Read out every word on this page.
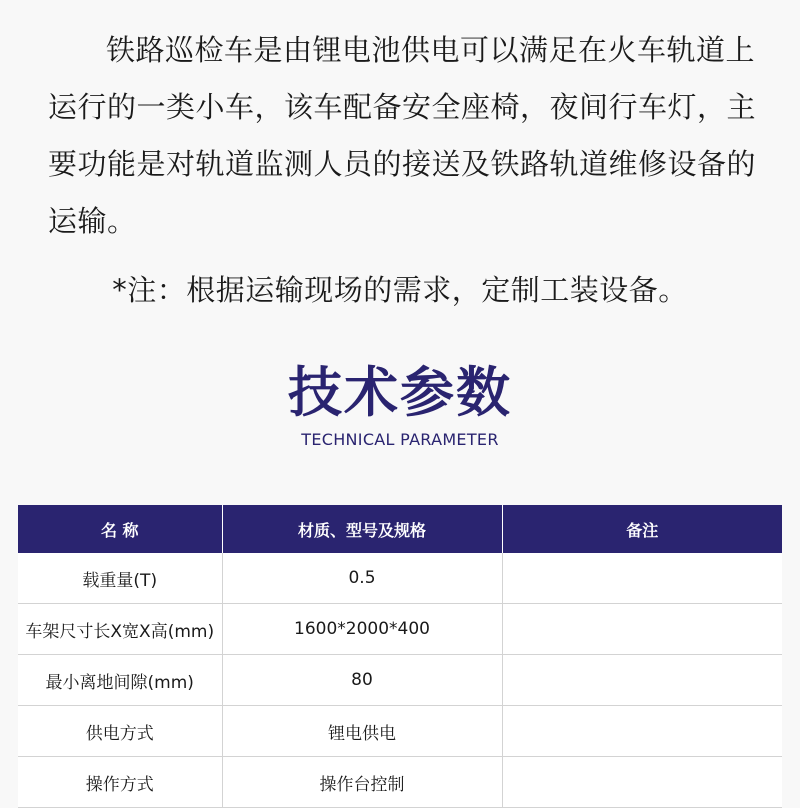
铁路巡检车是由锂电池供电可以满足在火车轨道上运行的一类小车，该车配备安全座椅，夜间行车灯，主要功能是对轨道监测人员的接送及铁路轨道维修设备的运输。

*注：根据运输现场的需求，定制工装设备。
技术参数
TECHNICAL PARAMETER
名 称	材质、型号及规格	备注
载重量(T)	0.5	
车架尺寸长X宽X高(mm)	1600*2000*400	
最小离地间隙(mm)	80	
供电方式	锂电供电	
操作方式	操作台控制	
